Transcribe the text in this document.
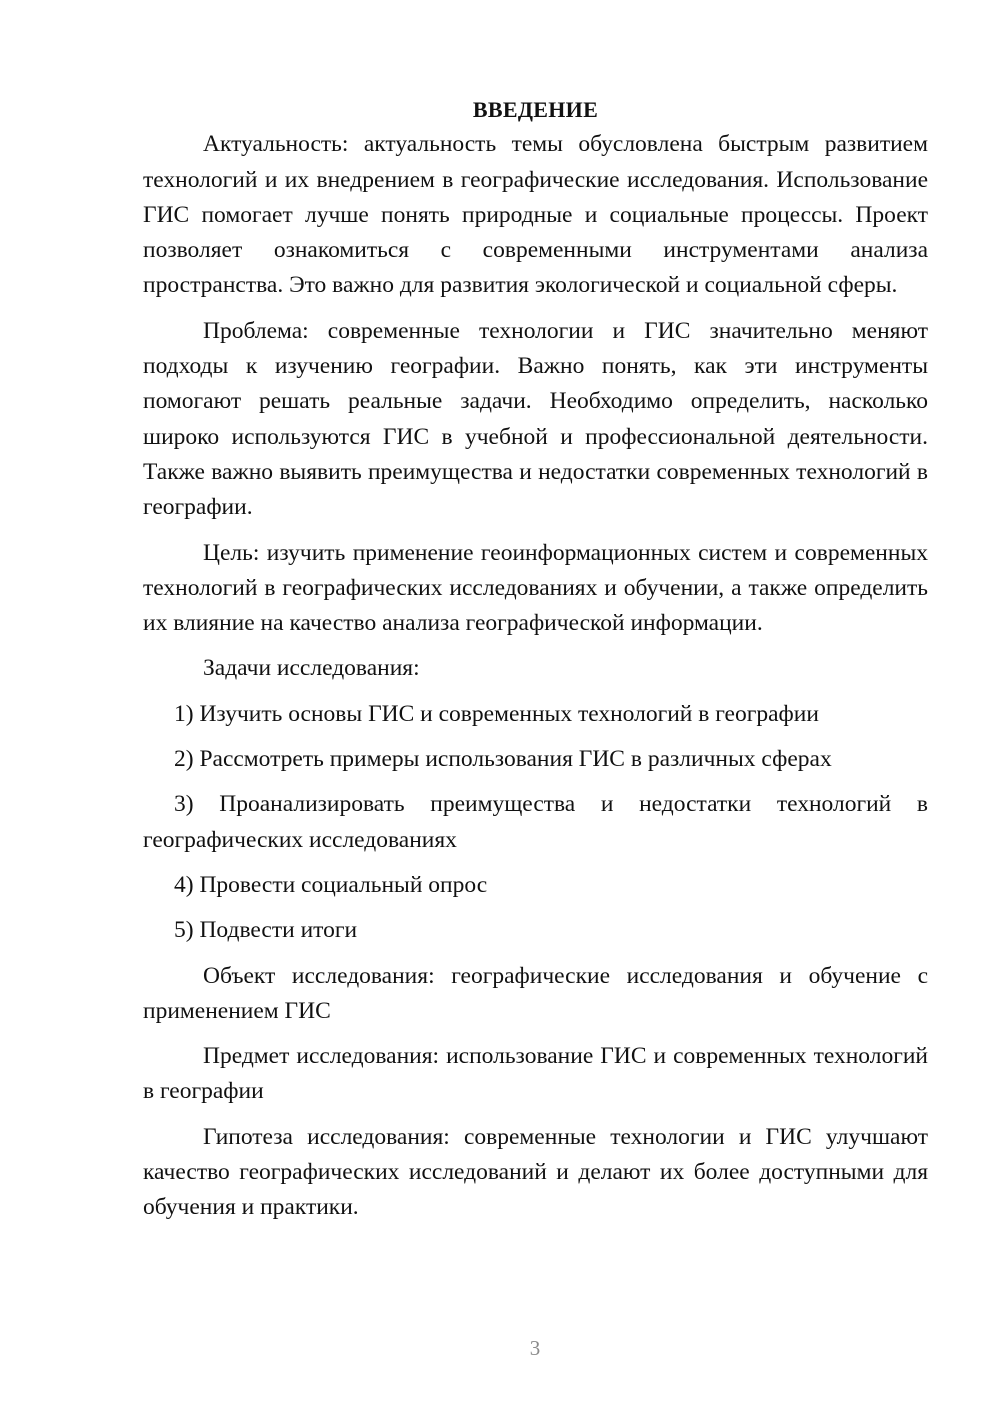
ВВЕДЕНИЕ

Актуальность: актуальность темы обусловлена быстрым развитием технологий и их внедрением в географические исследования. Использование ГИС помогает лучше понять природные и социальные процессы. Проект позволяет ознакомиться с современными инструментами анализа пространства. Это важно для развития экологической и социальной сферы.

Проблема: современные технологии и ГИС значительно меняют подходы к изучению географии. Важно понять, как эти инструменты помогают решать реальные задачи. Необходимо определить, насколько широко используются ГИС в учебной и профессиональной деятельности. Также важно выявить преимущества и недостатки современных технологий в географии.

Цель: изучить применение геоинформационных систем и современных технологий в географических исследованиях и обучении, а также определить их влияние на качество анализа географической информации.

Задачи исследования:

1) Изучить основы ГИС и современных технологий в географии

2) Рассмотреть примеры использования ГИС в различных сферах

3) Проанализировать преимущества и недостатки технологий в географических исследованиях

4) Провести социальный опрос

5) Подвести итоги

Объект исследования: географические исследования и обучение с применением ГИС

Предмет исследования: использование ГИС и современных технологий в географии

Гипотеза исследования: современные технологии и ГИС улучшают качество географических исследований и делают их более доступными для обучения и практики.

3
